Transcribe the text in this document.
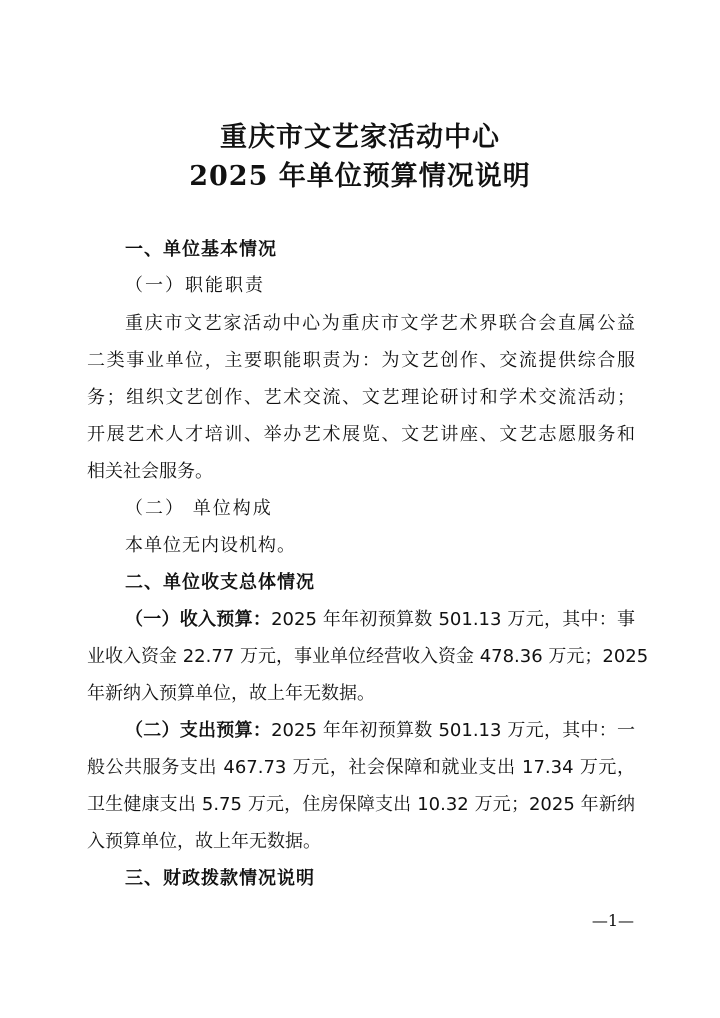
重庆市文艺家活动中心
2025 年单位预算情况说明
一、单位基本情况
（一）职能职责
重庆市文艺家活动中心为重庆市文学艺术界联合会直属公益
二类事业单位，主要职能职责为：为文艺创作、交流提供综合服
务；组织文艺创作、艺术交流、文艺理论研讨和学术交流活动；
开展艺术人才培训、举办艺术展览、文艺讲座、文艺志愿服务和
相关社会服务。
（二） 单位构成
本单位无内设机构。
二、单位收支总体情况
（一）收入预算：2025 年年初预算数 501.13 万元，其中：事
业收入资金 22.77 万元，事业单位经营收入资金 478.36 万元；2025
年新纳入预算单位，故上年无数据。
（二）支出预算：2025 年年初预算数 501.13 万元，其中：一
般公共服务支出 467.73 万元，社会保障和就业支出 17.34 万元，
卫生健康支出 5.75 万元，住房保障支出 10.32 万元；2025 年新纳
入预算单位，故上年无数据。
三、财政拨款情况说明
—1—
